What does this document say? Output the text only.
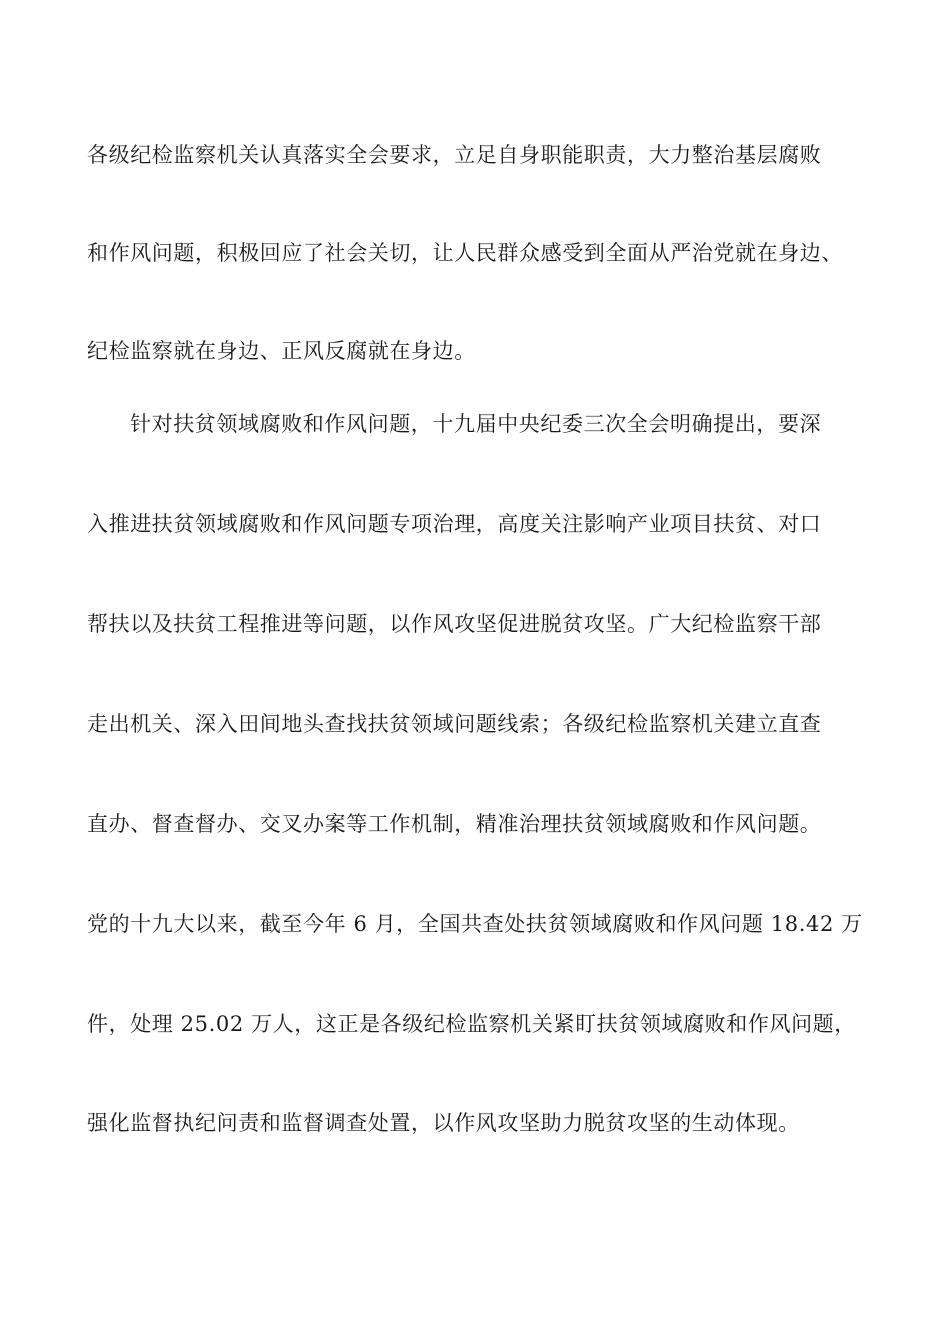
各级纪检监察机关认真落实全会要求，立足自身职能职责，大力整治基层腐败
和作风问题，积极回应了社会关切，让人民群众感受到全面从严治党就在身边、
纪检监察就在身边、正风反腐就在身边。
针对扶贫领域腐败和作风问题，十九届中央纪委三次全会明确提出，要深
入推进扶贫领域腐败和作风问题专项治理，高度关注影响产业项目扶贫、对口
帮扶以及扶贫工程推进等问题，以作风攻坚促进脱贫攻坚。广大纪检监察干部
走出机关、深入田间地头查找扶贫领域问题线索；各级纪检监察机关建立直查
直办、督查督办、交叉办案等工作机制，精准治理扶贫领域腐败和作风问题。
党的十九大以来，截至今年 6 月，全国共查处扶贫领域腐败和作风问题 18.42 万
件，处理 25.02 万人，这正是各级纪检监察机关紧盯扶贫领域腐败和作风问题，
强化监督执纪问责和监督调查处置，以作风攻坚助力脱贫攻坚的生动体现。
